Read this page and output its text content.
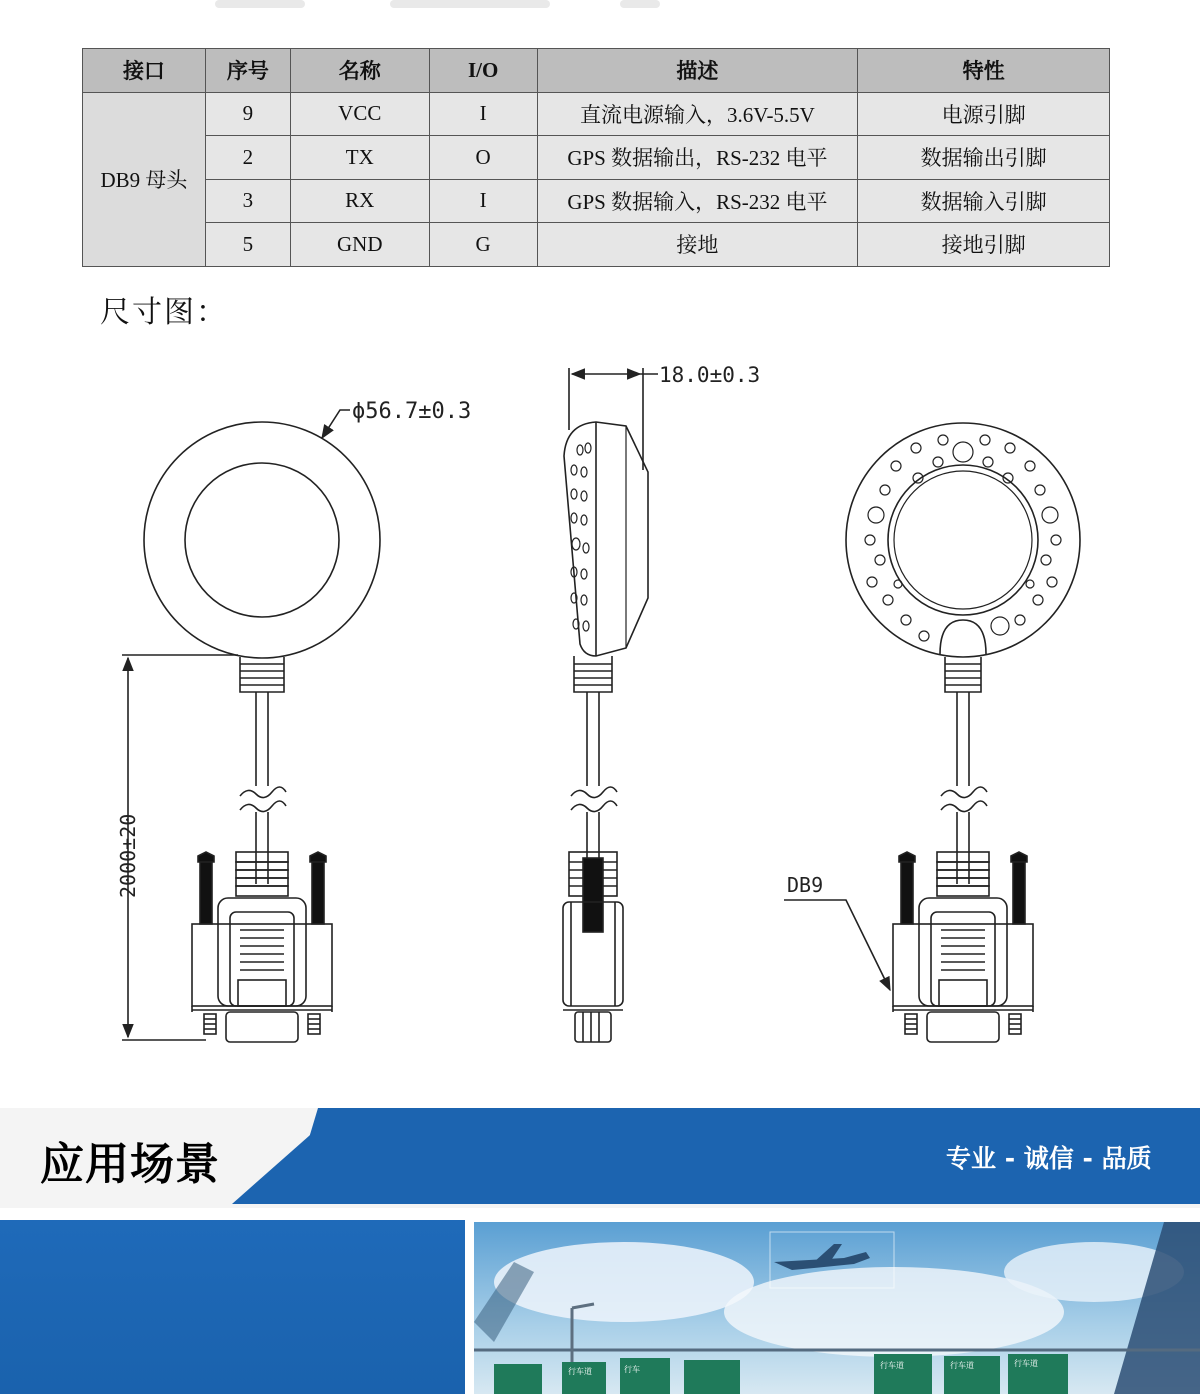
接口	序号	名称	I/O	描述	特性
DB9 母头	9	VCC	I	直流电源输入，3.6V-5.5V	电源引脚
	2	TX	O	GPS 数据输出，RS-232 电平	数据输出引脚
	3	RX	I	GPS 数据输入，RS-232 电平	数据输入引脚
	5	GND	G	接地	接地引脚
尺寸图：
ϕ56.7±0.3
18.0±0.3
2000±20	DB9
应用场景	专业 - 诚信 - 品质
行车道	行车	行车道	行车道	行车道
